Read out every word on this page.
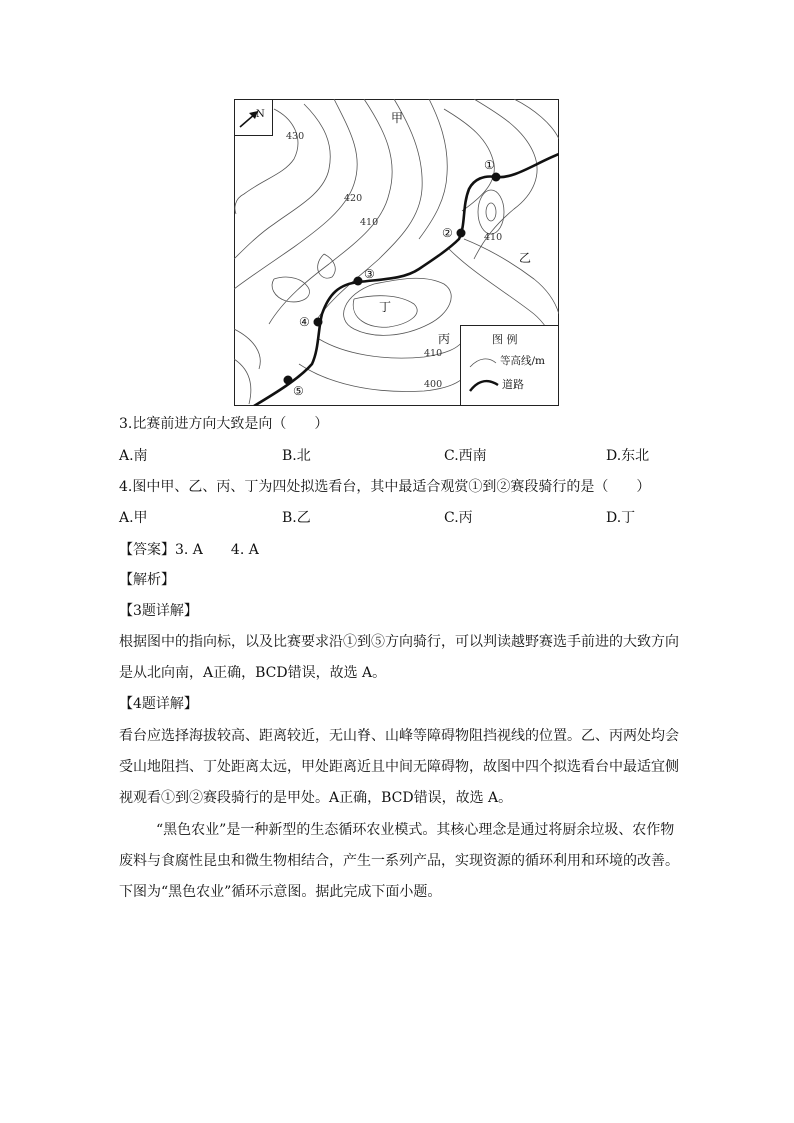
N
①
②
③
④
⑤
430
420
410
410
410
400
甲
乙
丙
丁
图 例
等高线/m
道路
3.比赛前进方向大致是向（　　）
A.南	B.北	C.西南	D.东北
4.图中甲、乙、丙、丁为四处拟选看台，其中最适合观赏①到②赛段骑行的是（　　）
A.甲	B.乙	C.丙	D.丁
【答案】3. A　　4. A
【解析】
【3题详解】
根据图中的指向标，以及比赛要求沿①到⑤方向骑行，可以判读越野赛选手前进的大致方向
是从北向南，A正确，BCD错误，故选 A。
【4题详解】
看台应选择海拔较高、距离较近，无山脊、山峰等障碍物阻挡视线的位置。乙、丙两处均会
受山地阻挡、丁处距离太远，甲处距离近且中间无障碍物，故图中四个拟选看台中最适宜侧
视观看①到②赛段骑行的是甲处。A正确，BCD错误，故选 A。
“黑色农业”是一种新型的生态循环农业模式。其核心理念是通过将厨余垃圾、农作物
废料与食腐性昆虫和微生物相结合，产生一系列产品，实现资源的循环利用和环境的改善。
下图为“黑色农业”循环示意图。据此完成下面小题。
